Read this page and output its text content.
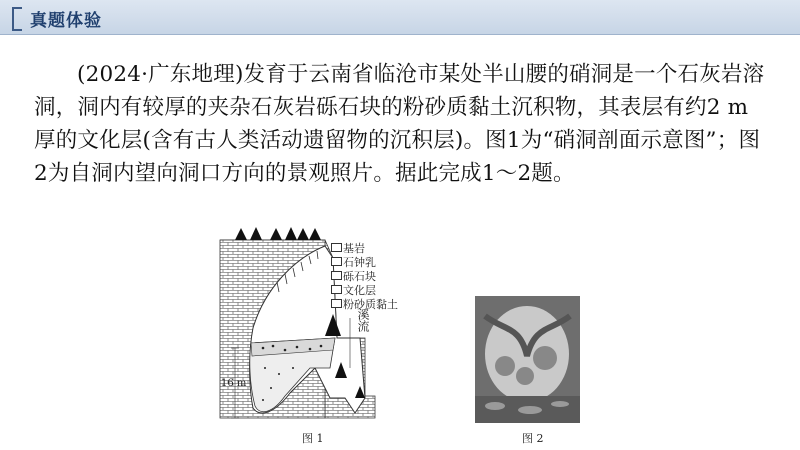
真题体验
(2024·广东地理)发育于云南省临沧市某处半山腰的硝洞是一个石灰岩溶洞，洞内有较厚的夹杂石灰岩砾石块的粉砂质黏土沉积物，其表层有约2 m厚的文化层(含有古人类活动遗留物的沉积层)。图1为“硝洞剖面示意图”；图2为自洞内望向洞口方向的景观照片。据此完成1～2题。
16 m
溪流
基岩
石钟乳
砾石块
文化层
粉砂质黏土
图 1	图 2
